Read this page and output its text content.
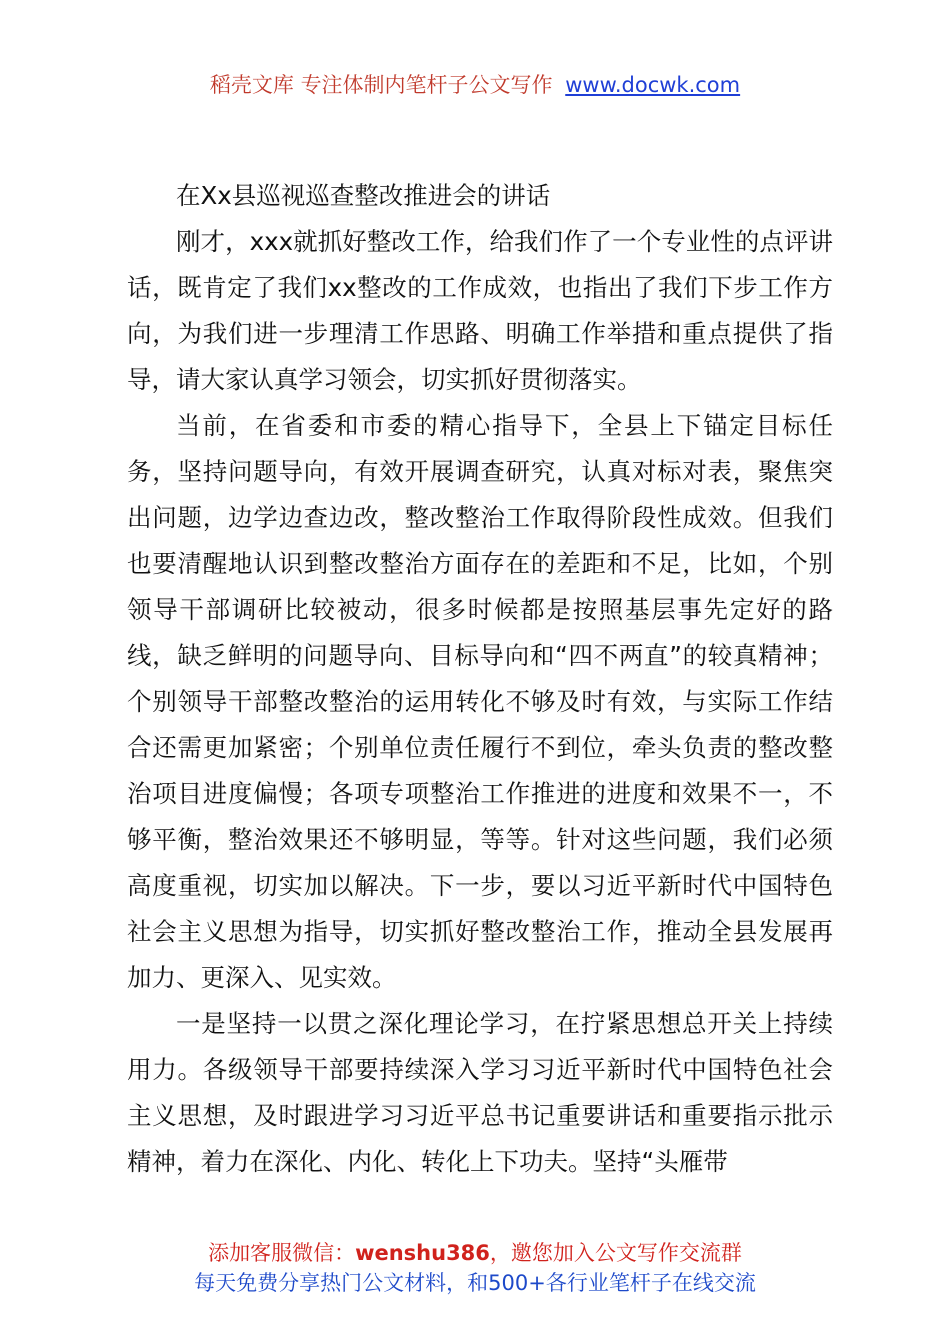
稻壳文库 专注体制内笔杆子公文写作 www.docwk.com

在Xx县巡视巡查整改推进会的讲话

刚才，xxx就抓好整改工作，给我们作了一个专业性的点评讲话，既肯定了我们xx整改的工作成效，也指出了我们下步工作方向，为我们进一步理清工作思路、明确工作举措和重点提供了指导，请大家认真学习领会，切实抓好贯彻落实。

当前，在省委和市委的精心指导下，全县上下锚定目标任务，坚持问题导向，有效开展调查研究，认真对标对表，聚焦突出问题，边学边查边改，整改整治工作取得阶段性成效。但我们也要清醒地认识到整改整治方面存在的差距和不足，比如，个别领导干部调研比较被动，很多时候都是按照基层事先定好的路线，缺乏鲜明的问题导向、目标导向和“四不两直”的较真精神；个别领导干部整改整治的运用转化不够及时有效，与实际工作结合还需更加紧密；个别单位责任履行不到位，牵头负责的整改整治项目进度偏慢；各项专项整治工作推进的进度和效果不一，不够平衡，整治效果还不够明显，等等。针对这些问题，我们必须高度重视，切实加以解决。下一步，要以习近平新时代中国特色社会主义思想为指导，切实抓好整改整治工作，推动全县发展再加力、更深入、见实效。

一是坚持一以贯之深化理论学习，在拧紧思想总开关上持续用力。各级领导干部要持续深入学习习近平新时代中国特色社会主义思想，及时跟进学习习近平总书记重要讲话和重要指示批示精神，着力在深化、内化、转化上下功夫。坚持“头雁带

添加客服微信：wenshu386，邀您加入公文写作交流群
每天免费分享热门公文材料，和500+各行业笔杆子在线交流
